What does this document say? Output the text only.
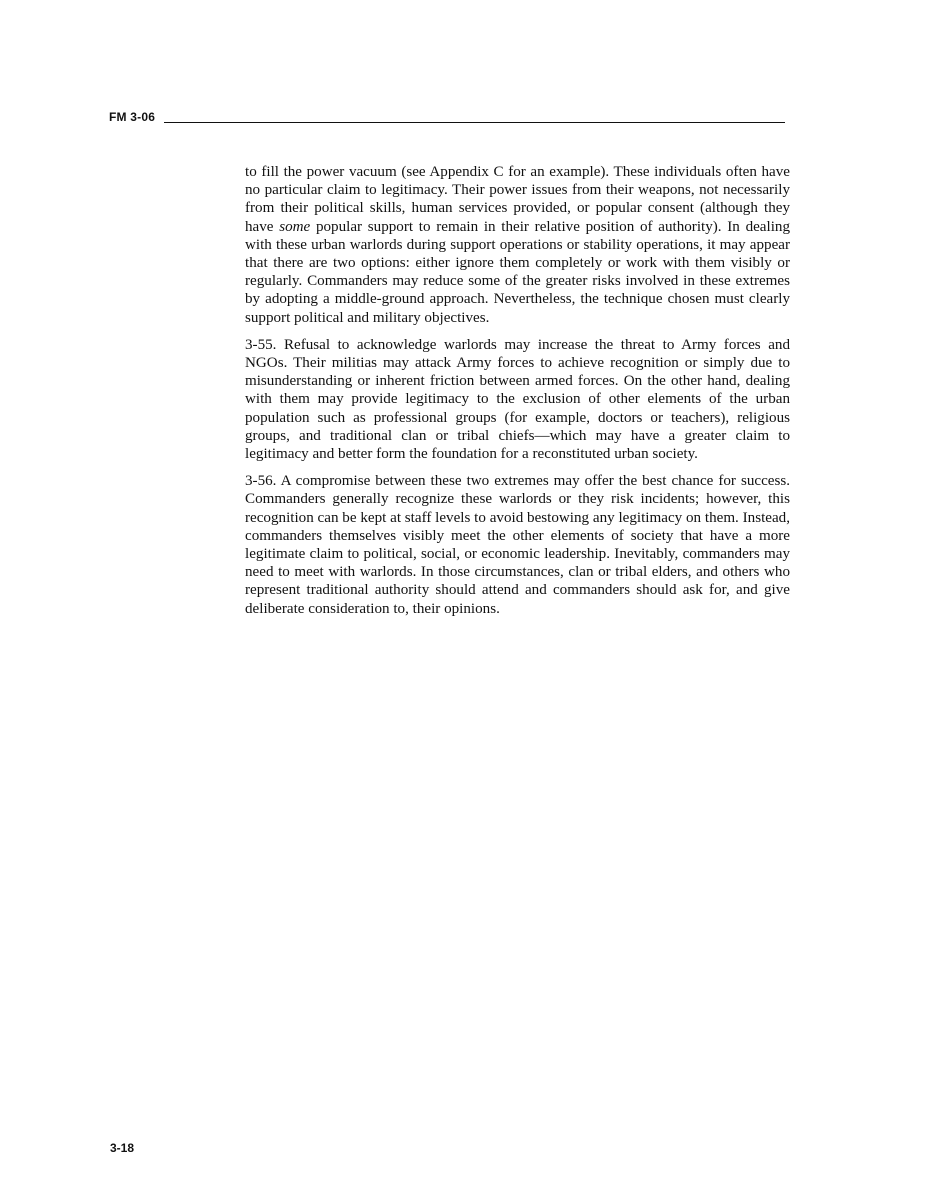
FM 3-06

to fill the power vacuum (see Appendix C for an example). These individuals often have no particular claim to legitimacy. Their power issues from their weapons, not necessarily from their political skills, human services provided, or popular consent (although they have some popular support to remain in their relative position of authority). In dealing with these urban warlords during support operations or stability operations, it may appear that there are two options: either ignore them completely or work with them visibly or regularly. Commanders may reduce some of the greater risks involved in these extremes by adopting a middle-ground approach. Nevertheless, the technique chosen must clearly support political and military objectives.

3-55. Refusal to acknowledge warlords may increase the threat to Army forces and NGOs. Their militias may attack Army forces to achieve recognition or simply due to misunderstanding or inherent friction between armed forces. On the other hand, dealing with them may provide legitimacy to the exclusion of other elements of the urban population such as professional groups (for example, doctors or teachers), religious groups, and traditional clan or tribal chiefs—which may have a greater claim to legitimacy and better form the foundation for a reconstituted urban society.

3-56. A compromise between these two extremes may offer the best chance for success. Commanders generally recognize these warlords or they risk incidents; however, this recognition can be kept at staff levels to avoid bestowing any legitimacy on them. Instead, commanders themselves visibly meet the other elements of society that have a more legitimate claim to political, social, or economic leadership. Inevitably, commanders may need to meet with warlords. In those circumstances, clan or tribal elders, and others who represent traditional authority should attend and commanders should ask for, and give deliberate consideration to, their opinions.

3-18
